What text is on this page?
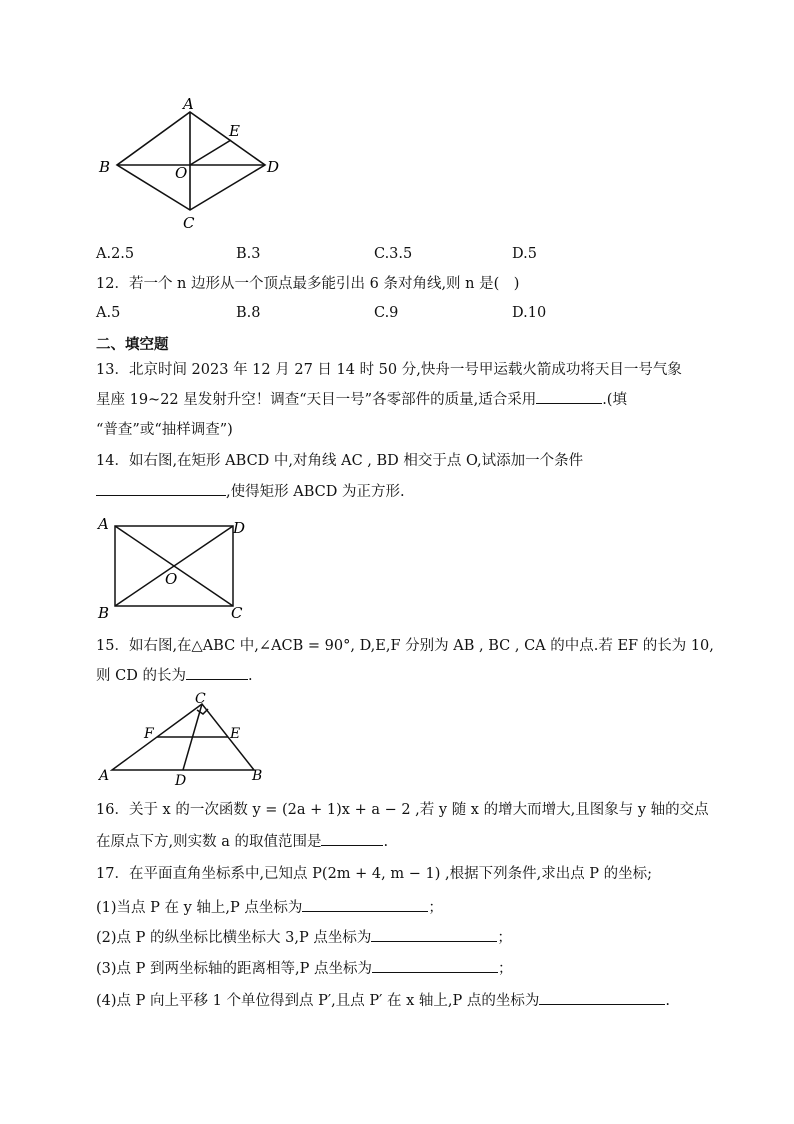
A
E
B	O	D
C
A.2.5	B.3	C.3.5	D.5
12．若一个 n 边形从一个顶点最多能引出 6 条对角线,则 n 是(　)
A.5	B.8	C.9	D.10
二、填空题
13．北京时间 2023 年 12 月 27 日 14 时 50 分,快舟一号甲运载火箭成功将天目一号气象
星座 19~22 星发射升空！调查“天目一号”各零部件的质量,适合采用	.(填
“普查”或“抽样调查”)
14．如右图,在矩形 ABCD 中,对角线 AC , BD 相交于点 O,试添加一个条件
,使得矩形 ABCD 为正方形.
A	D
O
B	C
15．如右图,在△ABC 中,∠ACB = 90°, D,E,F 分别为 AB , BC , CA 的中点.若 EF 的长为 10,
则 CD 的长为	.
C
F	E
A	D	B
16．关于 x 的一次函数 y = (2a + 1)x + a − 2 ,若 y 随 x 的增大而增大,且图象与 y 轴的交点
在原点下方,则实数 a 的取值范围是	.
17．在平面直角坐标系中,已知点 P(2m + 4, m − 1) ,根据下列条件,求出点 P 的坐标;
(1)当点 P 在 y 轴上,P 点坐标为	；
(2)点 P 的纵坐标比横坐标大 3,P 点坐标为	；
(3)点 P 到两坐标轴的距离相等,P 点坐标为	；
(4)点 P 向上平移 1 个单位得到点 P′,且点 P′ 在 x 轴上,P 点的坐标为	.
